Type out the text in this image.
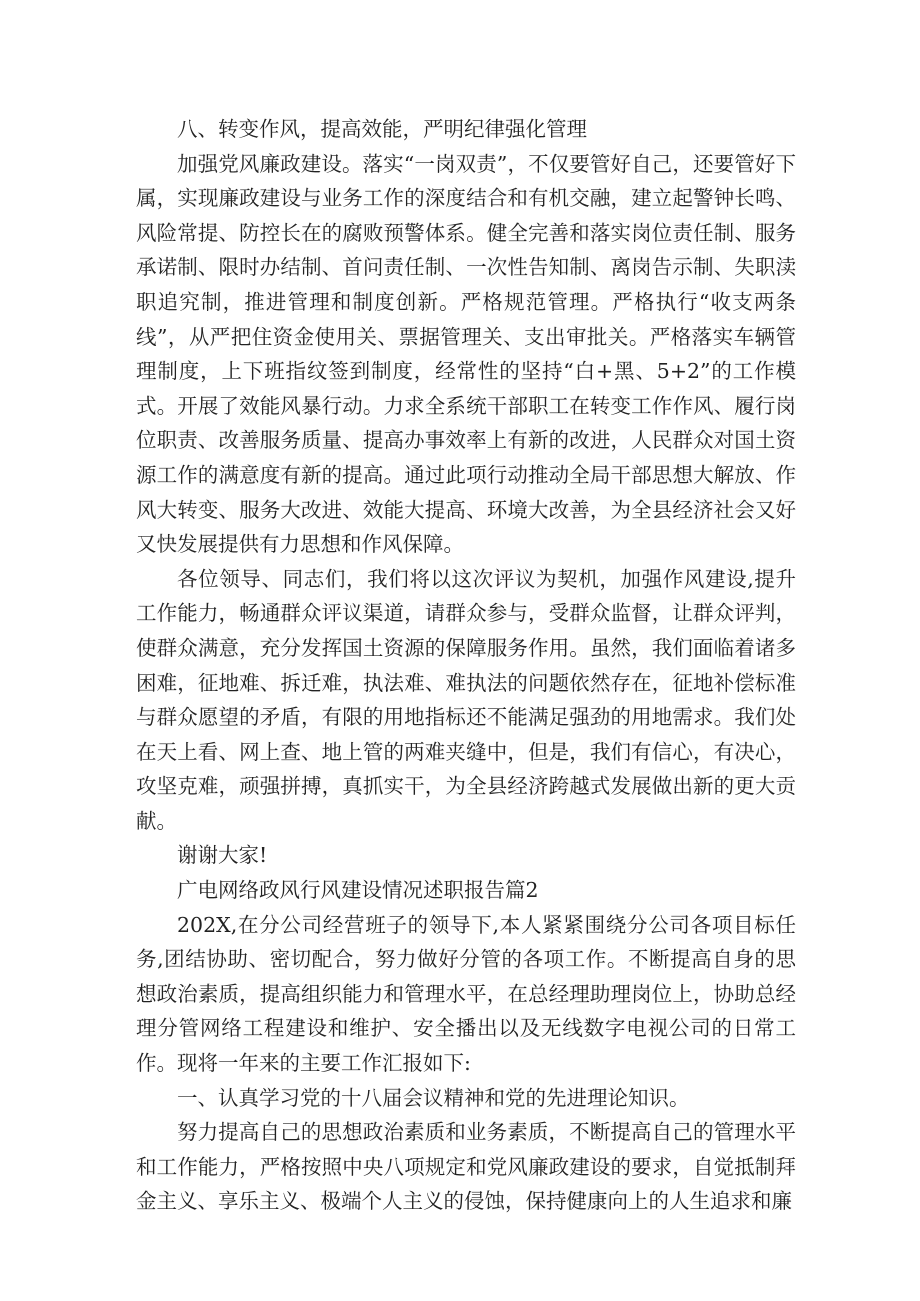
八、转变作风，提高效能，严明纪律强化管理

加强党风廉政建设。落实“一岗双责”，不仅要管好自己，还要管好下属，实现廉政建设与业务工作的深度结合和有机交融，建立起警钟长鸣、风险常提、防控长在的腐败预警体系。健全完善和落实岗位责任制、服务承诺制、限时办结制、首问责任制、一次性告知制、离岗告示制、失职渎职追究制，推进管理和制度创新。严格规范管理。严格执行“收支两条线”，从严把住资金使用关、票据管理关、支出审批关。严格落实车辆管理制度，上下班指纹签到制度，经常性的坚持“白+黑、5+2”的工作模式。开展了效能风暴行动。力求全系统干部职工在转变工作作风、履行岗位职责、改善服务质量、提高办事效率上有新的改进，人民群众对国土资源工作的满意度有新的提高。通过此项行动推动全局干部思想大解放、作风大转变、服务大改进、效能大提高、环境大改善，为全县经济社会又好又快发展提供有力思想和作风保障。

各位领导、同志们，我们将以这次评议为契机，加强作风建设,提升工作能力，畅通群众评议渠道，请群众参与，受群众监督，让群众评判，使群众满意，充分发挥国土资源的保障服务作用。虽然，我们面临着诸多困难，征地难、拆迁难，执法难、难执法的问题依然存在，征地补偿标准与群众愿望的矛盾，有限的用地指标还不能满足强劲的用地需求。我们处在天上看、网上查、地上管的两难夹缝中，但是，我们有信心，有决心，攻坚克难，顽强拼搏，真抓实干，为全县经济跨越式发展做出新的更大贡献。

谢谢大家!

广电网络政风行风建设情况述职报告篇2

202X,在分公司经营班子的领导下,本人紧紧围绕分公司各项目标任务,团结协助、密切配合，努力做好分管的各项工作。不断提高自身的思想政治素质，提高组织能力和管理水平，在总经理助理岗位上，协助总经理分管网络工程建设和维护、安全播出以及无线数字电视公司的日常工作。现将一年来的主要工作汇报如下:

一、认真学习党的十八届会议精神和党的先进理论知识。

努力提高自己的思想政治素质和业务素质，不断提高自己的管理水平和工作能力，严格按照中央八项规定和党风廉政建设的要求，自觉抵制拜金主义、享乐主义、极端个人主义的侵蚀，保持健康向上的人生追求和廉
